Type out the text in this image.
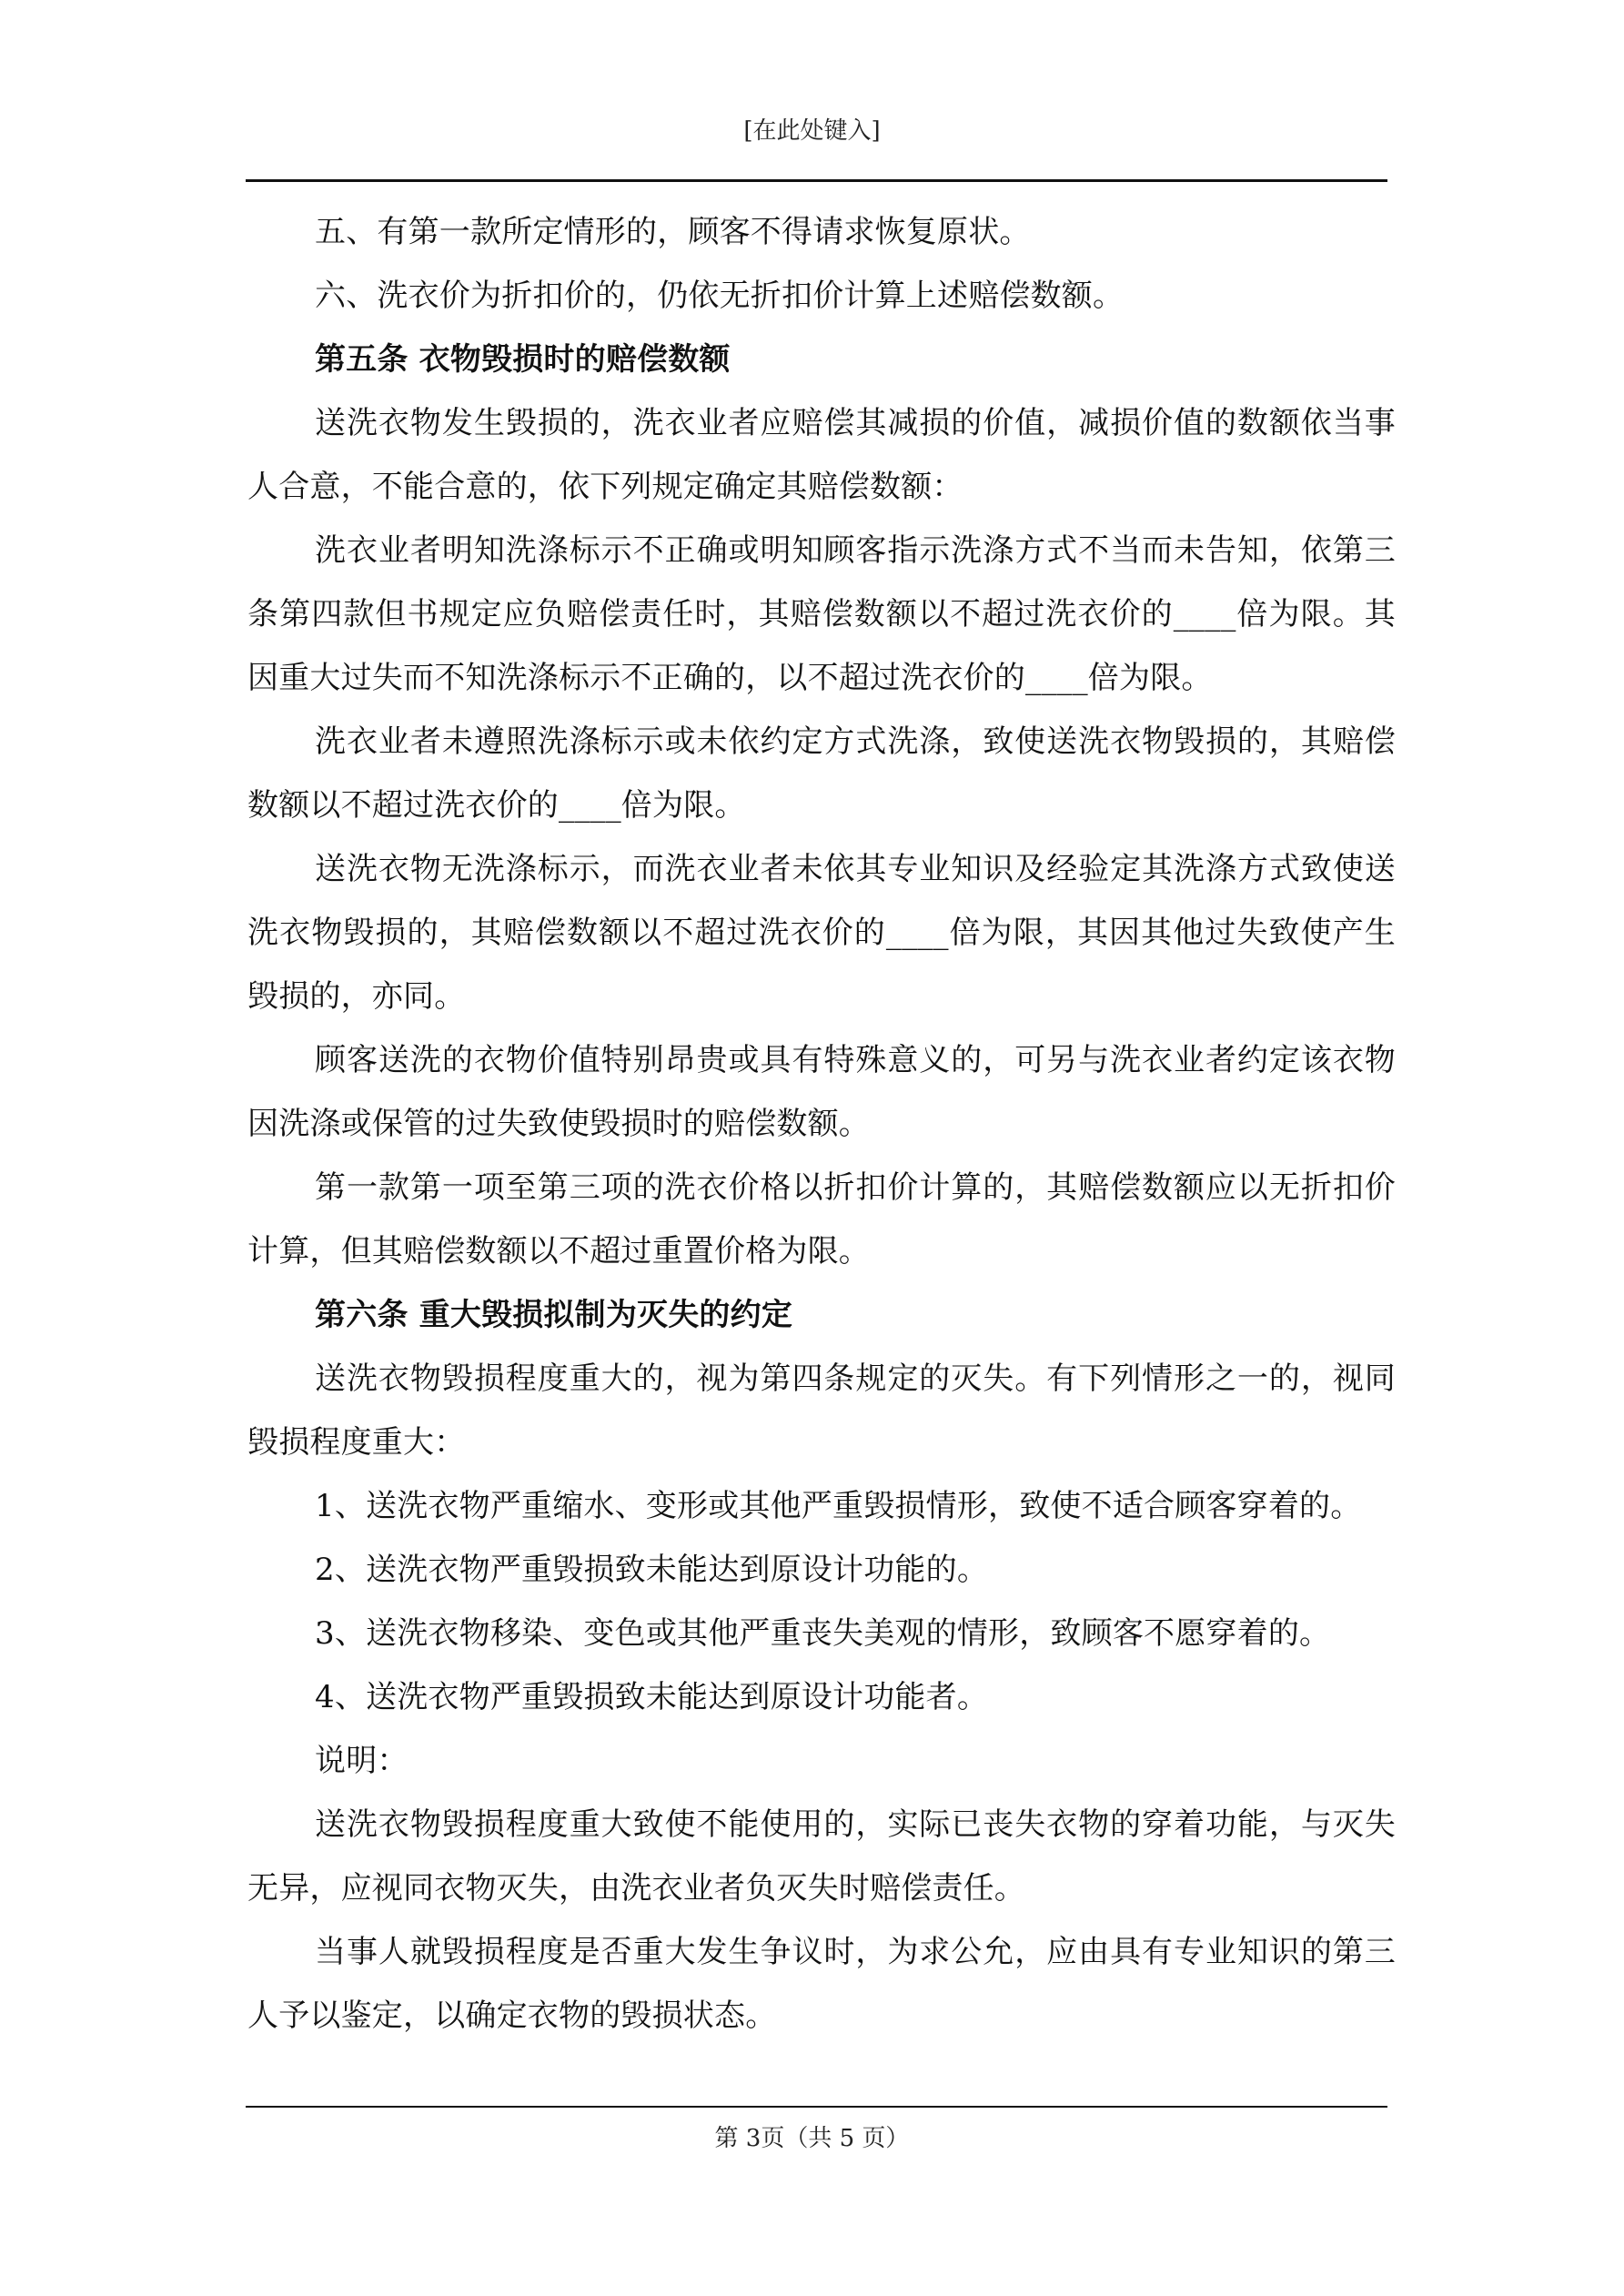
[在此处键入]

五、有第一款所定情形的，顾客不得请求恢复原状。

六、洗衣价为折扣价的，仍依无折扣价计算上述赔偿数额。

第五条 衣物毁损时的赔偿数额

送洗衣物发生毁损的，洗衣业者应赔偿其减损的价值，减损价值的数额依当事人合意，不能合意的，依下列规定确定其赔偿数额：

洗衣业者明知洗涤标示不正确或明知顾客指示洗涤方式不当而未告知，依第三条第四款但书规定应负赔偿责任时，其赔偿数额以不超过洗衣价的____倍为限。其因重大过失而不知洗涤标示不正确的，以不超过洗衣价的____倍为限。

洗衣业者未遵照洗涤标示或未依约定方式洗涤，致使送洗衣物毁损的，其赔偿数额以不超过洗衣价的____倍为限。

送洗衣物无洗涤标示，而洗衣业者未依其专业知识及经验定其洗涤方式致使送洗衣物毁损的，其赔偿数额以不超过洗衣价的____倍为限，其因其他过失致使产生毁损的，亦同。

顾客送洗的衣物价值特别昂贵或具有特殊意义的，可另与洗衣业者约定该衣物因洗涤或保管的过失致使毁损时的赔偿数额。

第一款第一项至第三项的洗衣价格以折扣价计算的，其赔偿数额应以无折扣价计算，但其赔偿数额以不超过重置价格为限。

第六条 重大毁损拟制为灭失的约定

送洗衣物毁损程度重大的，视为第四条规定的灭失。有下列情形之一的，视同毁损程度重大：

1、送洗衣物严重缩水、变形或其他严重毁损情形，致使不适合顾客穿着的。

2、送洗衣物严重毁损致未能达到原设计功能的。

3、送洗衣物移染、变色或其他严重丧失美观的情形，致顾客不愿穿着的。

4、送洗衣物严重毁损致未能达到原设计功能者。

说明：

送洗衣物毁损程度重大致使不能使用的，实际已丧失衣物的穿着功能，与灭失无异，应视同衣物灭失，由洗衣业者负灭失时赔偿责任。

当事人就毁损程度是否重大发生争议时，为求公允，应由具有专业知识的第三人予以鉴定，以确定衣物的毁损状态。

第 3页（共 5 页）
